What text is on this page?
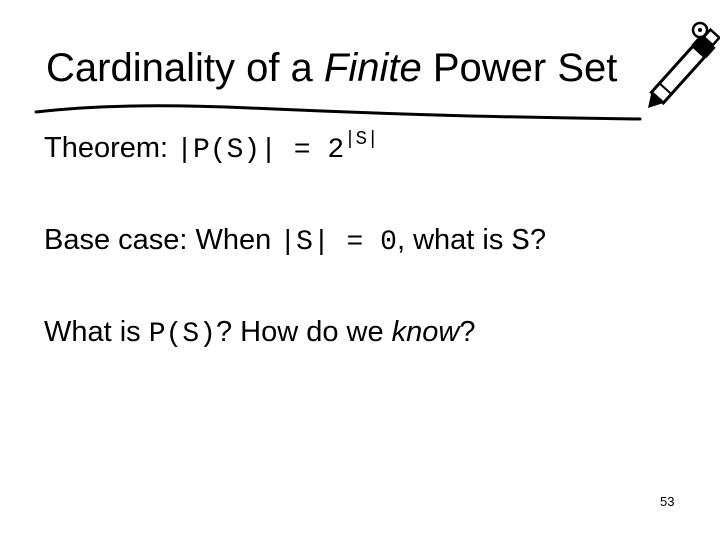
Cardinality of a Finite Power Set
Theorem: $|P(S)| = 2^{|S|}$
Base case: When |S| = 0, what is S?
What is P(S)? How do we know?
53
